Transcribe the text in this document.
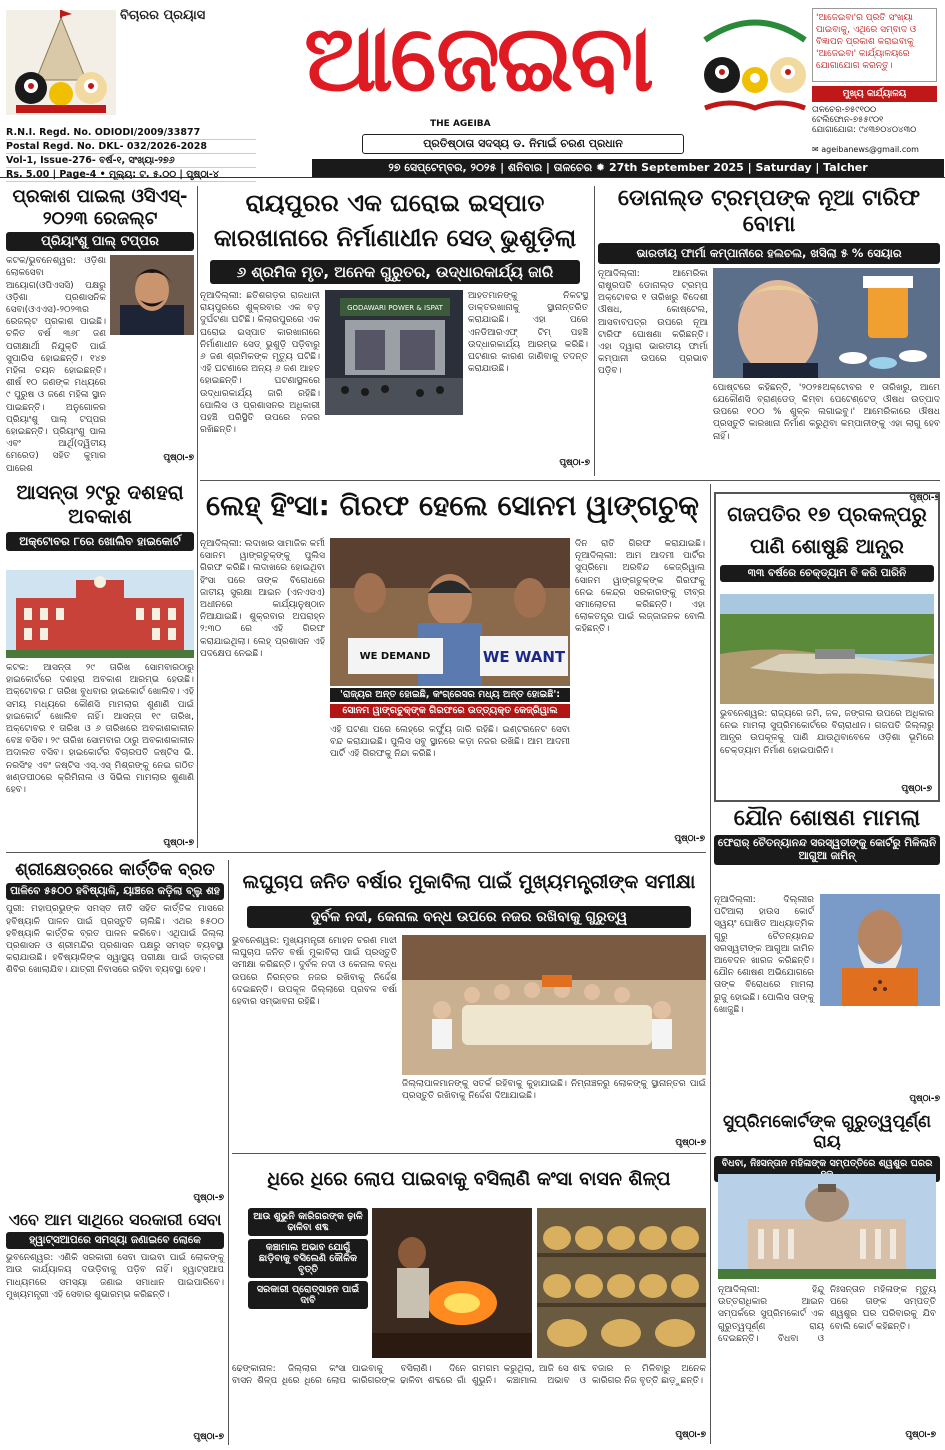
ବିଚାରର ପ୍ରୟାସ	ଆଜେଇବା
THE AGEIBA
ପ୍ରତିଷ୍ଠାତା ସଦସ୍ୟ ଡ. ନିମାଇଁ ଚରଣ ପ୍ରଧାନ
'ଆଜେଇବା'ର ପ୍ରତି ସଂଖ୍ୟା ପାଇବାକୁ, ଏଥିରେ ସମ୍ବାଦ ଓ ବିଜ୍ଞାପନ ପ୍ରକାଶ କରାଇବାକୁ 'ଆଜେଇବା' କାର୍ଯ୍ୟାଳୟରେ ଯୋଗାଯୋଗ କରନ୍ତୁ।
ମୁଖ୍ୟ କାର୍ଯ୍ୟାଳୟ
ତାଳଚେର-୭୫୯୧୦୦
ଟେଲିଫୋନ-୭୫୫୯୦୧
ଯୋଗାଯୋଗ: ୯୪୩୭୦୪୦୪୩୦
✉ ageibanews@gmail.com
R.N.I. Regd. No. ODIODI/2009/33877
Postal Regd. No. DKL- 032/2026-2028
Vol-1, Issue-276- ବର୍ଷ-୧, ସଂଖ୍ୟା-୨୭୬
Rs. 5.00 | Page-4 • ମୂଲ୍ୟ: ଟ. ୫.୦୦ | ପୃଷ୍ଠା-୪
୨୭ ସେପ୍ଟେମ୍ବର, ୨୦୨୫ | ଶନିବାର | ତାଳଚେର ✹ 27th September 2025 | Saturday | Talcher
ପ୍ରକାଶ ପାଇଲା ଓସିଏସ୍- ୨୦୨୩ ରେଜଲ୍ଟ
ପ୍ରିୟାଂଶୁ ପାଲ୍ ଟପ୍ପର
କଟକ/ଭୁବନେଶ୍ୱର: ଓଡ଼ିଶା ଲୋକସେବା ଆୟୋଗ(ଓପିଏସସି) ପକ୍ଷରୁ ଓଡ଼ିଶା ପ୍ରଶାସନିକ ସେବା(ଓଏଏସ)-୨୦୨୩ର ରେଜଲ୍ଟ ପ୍ରକାଶ ପାଇଛି। ଚଳିତ ବର୍ଷ ୩୬୮ ଜଣ ପରୀକ୍ଷାର୍ଥୀ ନିଯୁକ୍ତି ପାଇଁ ସୁପାରିସ ହୋଇଛନ୍ତି। ୧୪୭ ମହିଳା ଚୟନ ହୋଇଛନ୍ତି। ଶୀର୍ଷ ୧୦ ଜଣଙ୍କ ମଧ୍ୟରେ ୯ ପୁରୁଷ ଓ ଜଣେ ମହିଳା ସ୍ଥାନ ପାଇଛନ୍ତି। ଅନୁଗୋଳର ପ୍ରିୟାଂଶୁ ପାଲ୍ ଟପ୍ପର ହୋଇଛନ୍ତି। ପ୍ରିୟାଂଶୁ ପାଲ ଏବଂ ଆର୍ଥି(ଦ୍ୱିତୀୟ ମେରେଡ) ସହିତ କୁମାର ପାରେଶ
ପୃଷ୍ଠା-୭
ରାୟପୁରର ଏକ ଘରୋଇ ଇସ୍ପାତ କାରଖାନାରେ ନିର୍ମାଣାଧୀନ ସେଡ୍ ଭୁଶୁଡ଼ିଲା
୬ ଶ୍ରମିକ ମୃତ, ଅନେକ ଗୁରୁତର, ଉଦ୍ଧାରକାର୍ଯ୍ୟ ଜାରି
ନୂଆଦିଲ୍ଲୀ: ଛତିଶଗଡ଼ର ରାଜଧାନୀ ରାୟପୁରରେ ଶୁକ୍ରବାର ଏକ ବଡ଼ ଦୁର୍ଘଟଣା ଘଟିଛି। କିଲାରପୁରରେ ଏକ ଘରୋଇ ଇସ୍ପାତ କାରଖାନାରେ ନିର୍ମାଣାଧୀନ ସେଡ୍ ଭୁଶୁଡ଼ି ପଡ଼ିବାରୁ ୬ ଜଣ ଶ୍ରମିକଙ୍କ ମୃତ୍ୟୁ ଘଟିଛି। ଏହି ଘଟଣାରେ ଅନ୍ୟ ୬ ଜଣ ଆହତ ହୋଇଛନ୍ତି। ଘଟଣାସ୍ଥଳରେ ଉଦ୍ଧାରକାର୍ଯ୍ୟ ଜାରି ରହିଛି। ପୋଲିସ ଓ ପ୍ରଶାସନର ଅଧିକାରୀ ପହଞ୍ଚି ପରିସ୍ଥିତି ଉପରେ ନଜର ରଖିଛନ୍ତି।
GODAWARI POWER & ISPAT
ଆହତମାନଙ୍କୁ ନିକଟସ୍ଥ ଡାକ୍ତରଖାନାକୁ ସ୍ଥାନାନ୍ତରିତ କରାଯାଇଛି। ଏହା ପରେ ଏନଡିଆରଏଫ୍ ଟିମ୍ ପହଞ୍ଚି ଉଦ୍ଧାରକାର୍ଯ୍ୟ ଆରମ୍ଭ କରିଛି। ଘଟଣାର କାରଣ ଜାଣିବାକୁ ତଦନ୍ତ କରାଯାଉଛି।
ପୃଷ୍ଠା-୭
ଡୋନାଲ୍ଡ ଟ୍ରମ୍ପଙ୍କ ନୂଆ ଟାରିଫ ବୋମା
ଭାରତୀୟ ଫାର୍ମା କମ୍ପାନୀରେ ହଲଚଲ, ଖସିଲା ୫ % ସେୟାର
ନୂଆଦିଲ୍ଲୀ: ଆମେରିକା ରାଷ୍ଟ୍ରପତି ଡୋନାଲ୍ଡ ଟ୍ରମ୍ପ ଅକ୍ଟୋବର ୧ ତାରିଖରୁ ବିଦେଶୀ ଔଷଧ, କୋଷ୍ଟେଲ, ଆସବାବପତ୍ର ଉପରେ ନୂଆ ଟାରିଫ ଘୋଷଣା କରିଛନ୍ତି। ଏହା ଦ୍ୱାରା ଭାରତୀୟ ଫାର୍ମା କମ୍ପାନୀ ଉପରେ ପ୍ରଭାବ ପଡ଼ିବ।
ପୋଷ୍ଟରେ କହିଛନ୍ତି, '୨୦୨୫ଅକ୍ଟୋବର ୧ ତାରିଖରୁ, ଆମେ ଯେକୌଣସି ବ୍ରାଣ୍ଡେଡ୍ କିମ୍ବା ପେଟେଣ୍ଟେଡ୍ ଔଷଧ ଉତ୍ପାଦ ଉପରେ ୧୦୦ % ଶୁଳ୍କ ଲଗାଇବୁ।' ଆମେରିକାରେ ଔଷଧ ପ୍ରସ୍ତୁତି କାରଖାନା ନିର୍ମାଣ କରୁଥିବା କମ୍ପାନୀଙ୍କୁ ଏହା ଲାଗୁ ହେବ ନାହିଁ।
ପୃଷ୍ଠା-୭
ଆସନ୍ତା ୨୯ରୁ ଦଶହରା ଅବକାଶ
ଅକ୍ଟୋବର ୮ରେ ଖୋଲିବ ହାଇକୋର୍ଟ
କଟକ: ଆସନ୍ତା ୨୯ ତାରିଖ ସୋମବାରଠାରୁ ହାଇକୋର୍ଟରେ ଦଶହରା ଅବକାଶ ଆରମ୍ଭ ହେଉଛି। ଅକ୍ଟୋବର ୮ ତାରିଖ ବୁଧବାର ହାଇକୋର୍ଟ ଖୋଲିବ। ଏହି ସମୟ ମଧ୍ୟରେ କୌଣସି ମାମଲାର ଶୁଣାଣି ପାଇଁ ହାଇକୋର୍ଟ ଖୋଲିବ ନାହିଁ। ଆସନ୍ତା ୧୯ ତାରିଖ, ଅକ୍ଟୋବର ୧ ତାରିଖ ଓ ୬ ତାରିଖରେ ଅବକାଶକାଳୀନ ବେଞ୍ଚ ବସିବ। ୨୯ ତାରିଖ ସୋମବାର ଠାରୁ ଅବକାଶକାଳୀନ ଅଦାଲତ ବସିବ। ହାଇକୋର୍ଟର ବିଚାରପତି ଜଷ୍ଟିସ ଭି. ନରସିଂହ ଏବଂ ଜଷ୍ଟିସ ଏସ୍.ଏସ୍ ମିଶ୍ରଙ୍କୁ ନେଇ ଗଠିତ ଖଣ୍ଡପୀଠରେ କ୍ରିମିନାଲ ଓ ସିଭିଲ ମାମଲାର ଶୁଣାଣି ହେବ।
ପୃଷ୍ଠା-୭
ଲେହ୍ ହିଂସା: ଗିରଫ ହେଲେ ସୋନମ ୱାଙ୍ଗଚୁକ୍
ନୂଆଦିଲ୍ଲୀ: ଲଦାଖର ସାମାଜିକ କର୍ମୀ ସୋନମ ୱାଙ୍ଗଚୁକ୍‌ଙ୍କୁ ପୁଲିସ ଗିରଫ କରିଛି। ଲଦାଖରେ ହୋଇଥିବା ହିଂସା ପରେ ତାଙ୍କ ବିରୋଧରେ ଜାତୀୟ ସୁରକ୍ଷା ଆଇନ (ଏନଏସଏ) ଅଧୀନରେ କାର୍ଯ୍ୟାନୁଷ୍ଠାନ ନିଆଯାଇଛି। ଶୁକ୍ରବାର ଅପରାହ୍ନ ୨:୩୦ ରେ ଏହି ଗିରଫ କରାଯାଇଥିଲା। ଲେହ୍ ପ୍ରଶାସନ ଏହି ପଦକ୍ଷେପ ନେଇଛି।	WE DEMAND	WE WANT
'ରାଜ୍ୟର ଅନ୍ତ ହୋଇଛି, କଂଗ୍ରେସର ମଧ୍ୟ ଅନ୍ତ ହୋଇଛି':
ସୋନମ ୱାଙ୍ଗଚୁକ୍‌ଙ୍କ ଗିରଫରେ ଉତ୍ତ୍ୟକ୍ତ କେଜ୍ରିୱାଲ
ଏହି ଘଟଣା ପରେ ଲେହ୍‌ରେ କର୍ଫ୍ୟୁ ଜାରି ରହିଛି। ଇଣ୍ଟରନେଟ ସେବା ବନ୍ଦ କରାଯାଇଛି। ପୁଲିସ ସବୁ ସ୍ଥାନରେ କଡ଼ା ନଜର ରଖିଛି। ଆମ ଆଦମୀ ପାର୍ଟି ଏହି ଗିରଫକୁ ନିନ୍ଦା କରିଛି।
ଦିନ ରାତି ଗିରଫ କରାଯାଇଛି। ନୂଆଦିଲ୍ଲୀ: ଆମ ଆଦମୀ ପାର୍ଟିର ସୁପ୍ରିମୋ ଅରବିନ୍ଦ କେଜ୍ରିୱାଲ ସୋନମ ୱାଙ୍ଗଚୁକ୍‌ଙ୍କ ଗିରଫକୁ ନେଇ କେନ୍ଦ୍ର ସରକାରଙ୍କୁ ତୀବ୍ର ସମାଲୋଚନା କରିଛନ୍ତି। ଏହା ଲୋକତନ୍ତ୍ର ପାଇଁ ଲଜ୍ଜାଜନକ ବୋଲି କହିଛନ୍ତି।
ପୃଷ୍ଠା-୭
ଗଜପତିର ୧୭ ପ୍ରକଳ୍ପରୁ ପାଣି ଶୋଷୁଛି ଆନ୍ଧ୍ର
୩୩ ବର୍ଷରେ ଚେକ୍‌ଡ୍ୟାମ ବି କରି ପାରିନି
ଭୁବନେଶ୍ୱର: ରାଜ୍ୟରେ ଜମି, ଜଳ, ଜଙ୍ଗଲ ଉପରେ ଅଧିକାର ନେଇ ମାମଲା ସୁପ୍ରିମକୋର୍ଟରେ ବିଚାରାଧୀନ। ଗଜପତି ଜିଲ୍ଲାରୁ ଆନ୍ଧ୍ର ଉପକୂଳକୁ ପାଣି ଯାଉଥିବାବେଳେ ଓଡ଼ିଶା ଭୂମିରେ ଚେକ୍‌ଡ୍ୟାମ ନିର୍ମାଣ ହୋଇପାରିନି।
ପୃଷ୍ଠା-୭
ଯୌନ ଶୋଷଣ ମାମଲା
ଫେରାର୍ ଚୈତନ୍ୟାନନ୍ଦ ସରସ୍ୱତୀଙ୍କୁ କୋର୍ଟରୁ ମିଳିଲାନି ଆଗୁଆ ଜାମିନ୍
ନୂଆଦିଲ୍ଲୀ: ଦିଲ୍ଲୀର ପଟିଆଲା ହାଉସ କୋର୍ଟ ସ୍ୱୟଂ ଘୋଷିତ ଆଧ୍ୟାତ୍ମିକ ଗୁରୁ ଚୈତନ୍ୟାନନ୍ଦ ସରସ୍ୱତୀଙ୍କ ଆଗୁଆ ଜାମିନ ଆବେଦନ ଖାରଜ କରିଛନ୍ତି। ଯୌନ ଶୋଷଣ ଅଭିଯୋଗରେ ତାଙ୍କ ବିରୋଧରେ ମାମଲା ରୁଜୁ ହୋଇଛି। ପୋଲିସ ତାଙ୍କୁ ଖୋଜୁଛି।
ପୃଷ୍ଠା-୭
ଶ୍ରୀକ୍ଷେତ୍ରରେ କାର୍ତ୍ତିକ ବ୍ରତ
ପାଳିବେ ୫୫୦୦ ହବିଷ୍ୟାଳି, ୟାଞ୍ଚରେ କଡ଼ିଲା ବ୍ଲୁ ଶହ
ପୁରୀ: ମହାପ୍ରଭୁଙ୍କ ସମସ୍ତ ନୀତି ସହିତ କାର୍ତ୍ତିକ ମାସରେ ହବିଷ୍ୟାଳି ପାଳନ ପାଇଁ ପ୍ରସ୍ତୁତି ଚାଲିଛି। ଏଥର ୫୫୦୦ ହବିଷ୍ୟାଳି କାର୍ତ୍ତିକ ବ୍ରତ ପାଳନ କରିବେ। ଏଥିପାଇଁ ଜିଲ୍ଲା ପ୍ରଶାସନ ଓ ଶ୍ରୀମନ୍ଦିର ପ୍ରଶାସନ ପକ୍ଷରୁ ସମସ୍ତ ବ୍ୟବସ୍ଥା କରାଯାଉଛି। ହବିଷ୍ୟାଳିଙ୍କ ସ୍ୱାସ୍ଥ୍ୟ ପରୀକ୍ଷା ପାଇଁ ଡାକ୍ତରୀ ଶିବିର ଖୋଲାଯିବ। ଯାତ୍ରୀ ନିବାସରେ ରହିବା ବ୍ୟବସ୍ଥା ହେବ।
ପୃଷ୍ଠା-୭
ଲଘୁଚାପ ଜନିତ ବର୍ଷାର ମୁକାବିଲା ପାଇଁ ମୁଖ୍ୟମନ୍ତ୍ରୀଙ୍କ ସମୀକ୍ଷା
ଦୁର୍ବଳ ନଦୀ, କେନାଲ ବନ୍ଧ ଉପରେ ନଜର ରଖିବାକୁ ଗୁରୁତ୍ୱ
ଭୁବନେଶ୍ୱର: ମୁଖ୍ୟମନ୍ତ୍ରୀ ମୋହନ ଚରଣ ମାଝୀ ଲଘୁଚାପ ଜନିତ ବର୍ଷା ମୁକାବିଲା ପାଇଁ ପ୍ରସ୍ତୁତି ସମୀକ୍ଷା କରିଛନ୍ତି। ଦୁର୍ବଳ ନଦୀ ଓ କେନାଲ ବନ୍ଧ ଉପରେ ନିରନ୍ତର ନଜର ରଖିବାକୁ ନିର୍ଦ୍ଦେଶ ଦେଇଛନ୍ତି। ଉପକୂଳ ଜିଲ୍ଲାରେ ପ୍ରବଳ ବର୍ଷା ହେବାର ସମ୍ଭାବନା ରହିଛି।
ଜିଲ୍ଲାପାଳମାନଙ୍କୁ ସତର୍କ ରହିବାକୁ କୁହାଯାଇଛି। ନିମ୍ନାଞ୍ଚଳରୁ ଲୋକଙ୍କୁ ସ୍ଥାନାନ୍ତର ପାଇଁ ପ୍ରସ୍ତୁତି ରଖିବାକୁ ନିର୍ଦ୍ଦେଶ ଦିଆଯାଇଛି।
ପୃଷ୍ଠା-୭
ଏବେ ଆମ ସାଥିରେ ସରକାରୀ ସେବା
ହ୍ୱାଟ୍ସଆପରେ ସମସ୍ୟା ଜଣାଇବେ ଲୋକେ
ଭୁବନେଶ୍ୱର: ଏଣିକି ସରକାରୀ ସେବା ପାଇବା ପାଇଁ ଲୋକଙ୍କୁ ଆଉ କାର୍ଯ୍ୟାଳୟ ଦଉଡ଼ିବାକୁ ପଡ଼ିବ ନାହିଁ। ହ୍ୱାଟ୍ସଆପ ମାଧ୍ୟମରେ ସମସ୍ୟା ଜଣାଇ ସମାଧାନ ପାଇପାରିବେ। ମୁଖ୍ୟମନ୍ତ୍ରୀ ଏହି ସେବାର ଶୁଭାରମ୍ଭ କରିଛନ୍ତି।
ପୃଷ୍ଠା-୭
ଧିରେ ଧିରେ ଲୋପ ପାଇବାକୁ ବସିଲାଣି କଂସା ବାସନ ଶିଳ୍ପ
ଆଉ ଶୁଭୁନି କାରିଗରଙ୍କ ଢ଼ାଳି ଢାଳିବା ଶବ୍ଦ
କଞ୍ଚାମାଲ ଅଭାବ ଯୋଗୁଁ ଛାଡ଼ିବାକୁ ବସିଲେଣି କୌଳିକ ବୃତ୍ତି
ସରକାରୀ ପ୍ରୋତ୍ସାହନ ପାଇଁ ଦାବି
ଢେଙ୍କାନାଳ: ଜିଲ୍ଲାର କଂସା ବାସନ ଶିଳ୍ପ ଧିରେ ଧିରେ ଲୋପ ପାଇବାକୁ ବସିଲାଣି। ଦିନେ କାରିଗରଙ୍କ ଢାଳିବା ଶବ୍ଦରେ ଗାଁ ଗମଗମ କରୁଥିଲା, ଆଜି ସେ ଶବ୍ଦ ଶୁଭୁନି। କଞ୍ଚାମାଲ ଅଭାବ ଓ ବଜାର ନ ମିଳିବାରୁ ଅନେକ କାରିଗର ନିଜ ବୃତ୍ତି ଛାଡ଼ୁଛନ୍ତି।
ପୃଷ୍ଠା-୭
ସୁପ୍ରିମକୋର୍ଟଙ୍କ ଗୁରୁତ୍ୱପୂର୍ଣ୍ଣ ରାୟ
ବିଧବା, ନିଃସନ୍ତାନ ମହିଳାଙ୍କ ସମ୍ପତ୍ତିରେ ଶ୍ୱଶୁର ଘରର
ନୂଆଦିଲ୍ଲୀ: ହିନ୍ଦୁ ଉତ୍ତରାଧିକାର ଆଇନ ସମ୍ପର୍କରେ ସୁପ୍ରିମକୋର୍ଟ ଏକ ଗୁରୁତ୍ୱପୂର୍ଣ୍ଣ ରାୟ ଦେଇଛନ୍ତି। ବିଧବା ଓ ନିଃସନ୍ତାନ ମହିଳାଙ୍କ ମୃତ୍ୟୁ ପରେ ତାଙ୍କ ସମ୍ପତ୍ତି ଶ୍ୱଶୁର ଘର ପରିବାରକୁ ଯିବ ବୋଲି କୋର୍ଟ କହିଛନ୍ତି।
ପୃଷ୍ଠା-୭
